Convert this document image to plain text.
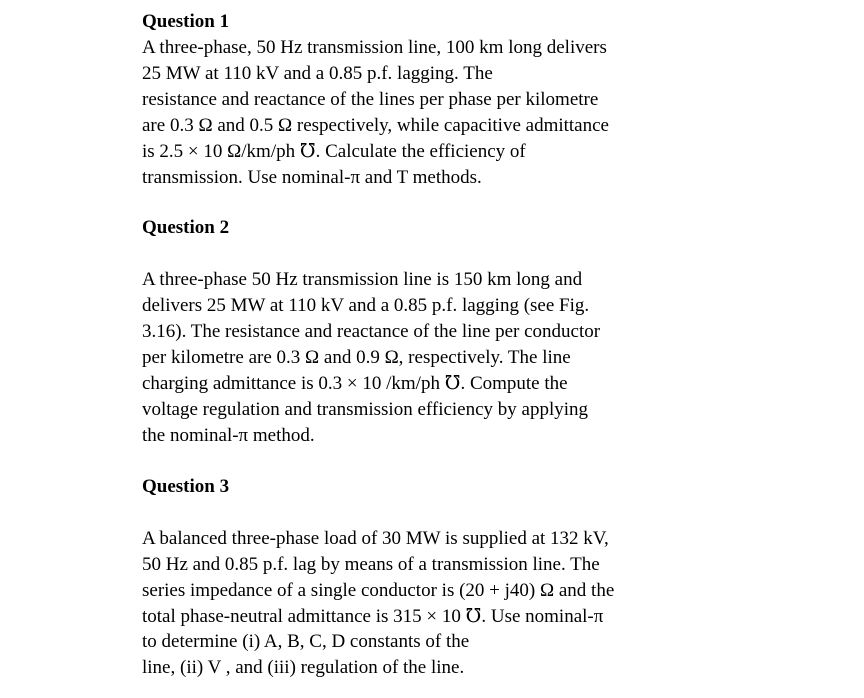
Question 1

A three-phase, 50 Hz transmission line, 100 km long delivers

25 MW at 110 kV and a 0.85 p.f. lagging. The

resistance and reactance of the lines per phase per kilometre

are 0.3 Ω and 0.5 Ω respectively, while capacitive admittance

is 2.5 × 10 Ω/km/ph ℧. Calculate the efficiency of

transmission. Use nominal-π and T methods.

Question 2

A three-phase 50 Hz transmission line is 150 km long and

delivers 25 MW at 110 kV and a 0.85 p.f. lagging (see Fig.

3.16). The resistance and reactance of the line per conductor

per kilometre are 0.3 Ω and 0.9 Ω, respectively. The line

charging admittance is 0.3 × 10 /km/ph ℧. Compute the

voltage regulation and transmission efficiency by applying

the nominal-π method.

Question 3

A balanced three-phase load of 30 MW is supplied at 132 kV,

50 Hz and 0.85 p.f. lag by means of a transmission line. The

series impedance of a single conductor is (20 + j40) Ω and the

total phase-neutral admittance is 315 × 10 ℧. Use nominal-π

to determine (i) A, B, C, D constants of the

line, (ii) V , and (iii) regulation of the line.
